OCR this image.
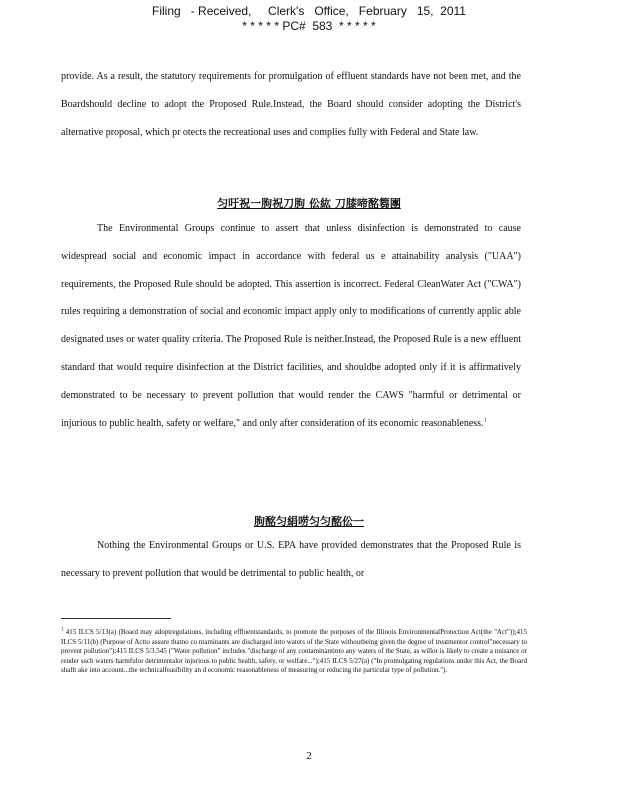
Filing   - Received,     Clerk's   Office,   February   15,  2011
* * * * * PC#  583  * * * * *

provide. As a result, the statutory requirements for promulgation of effluent standards have not been met, and the Boardshould decline to adopt the Proposed Rule.Instead, the Board should consider adopting the District's alternative proposal, which pr otects the recreational uses and complies fully with Federal and State law.

匀吁祝一朐祝刀朐 伀紘 刀膝啼酩篘團

The Environmental Groups continue to assert that unless disinfection is demonstrated to cause widespread social and economic impact in accordance with federal us e attainability analysis ("UAA") requirements, the Proposed Rule should be adopted. This assertion is incorrect. Federal CleanWater Act ("CWA") rules requiring a demonstration of social and economic impact apply only to modifications of currently applic able designated uses or water quality criteria. The Proposed Rule is neither.Instead, the Proposed Rule is a new effluent standard that would require disinfection at the District facilities, and shouldbe adopted only if it is affirmatively demonstrated to be necessary to prevent pollution that would render the CAWS "harmful or detrimental or injurious to public health, safety or welfare," and only after consideration of its economic reasonableness.$^1$

朐酩匀絹唠匀匀酩伀一

Nothing the Environmental Groups or U.S. EPA have provided demonstrates that the Proposed Rule is necessary to prevent pollution that would be detrimental to public health, or

$^1$ 415 ILCS 5/13(a) (Board may adoptregulations, including effluentstandards, to promote the purposes of the Illinois EnvironmentalProtection Act(the "Act"));415 ILCS 5/11(b) (Purpose of Actto assure thatno co ntaminants are discharged into waters of the State withoutbeing given the degree of treatmentor control"necessary to prevent pollution");415 ILCS 5/3.545 ("Water pollution" includes "discharge of any contaminantinto any waters of the State, as willor is likely to create a nuisance or render such waters harmfulor detrimentalor injurious to public health, safety, or welfare...");415 ILCS 5/27(a) ("In promulgating regulations under this Act, the Board shallt ake into account...the technicalfeasibility an d economic reasonableness of measuring or reducing the particular type of pollution.").
2
